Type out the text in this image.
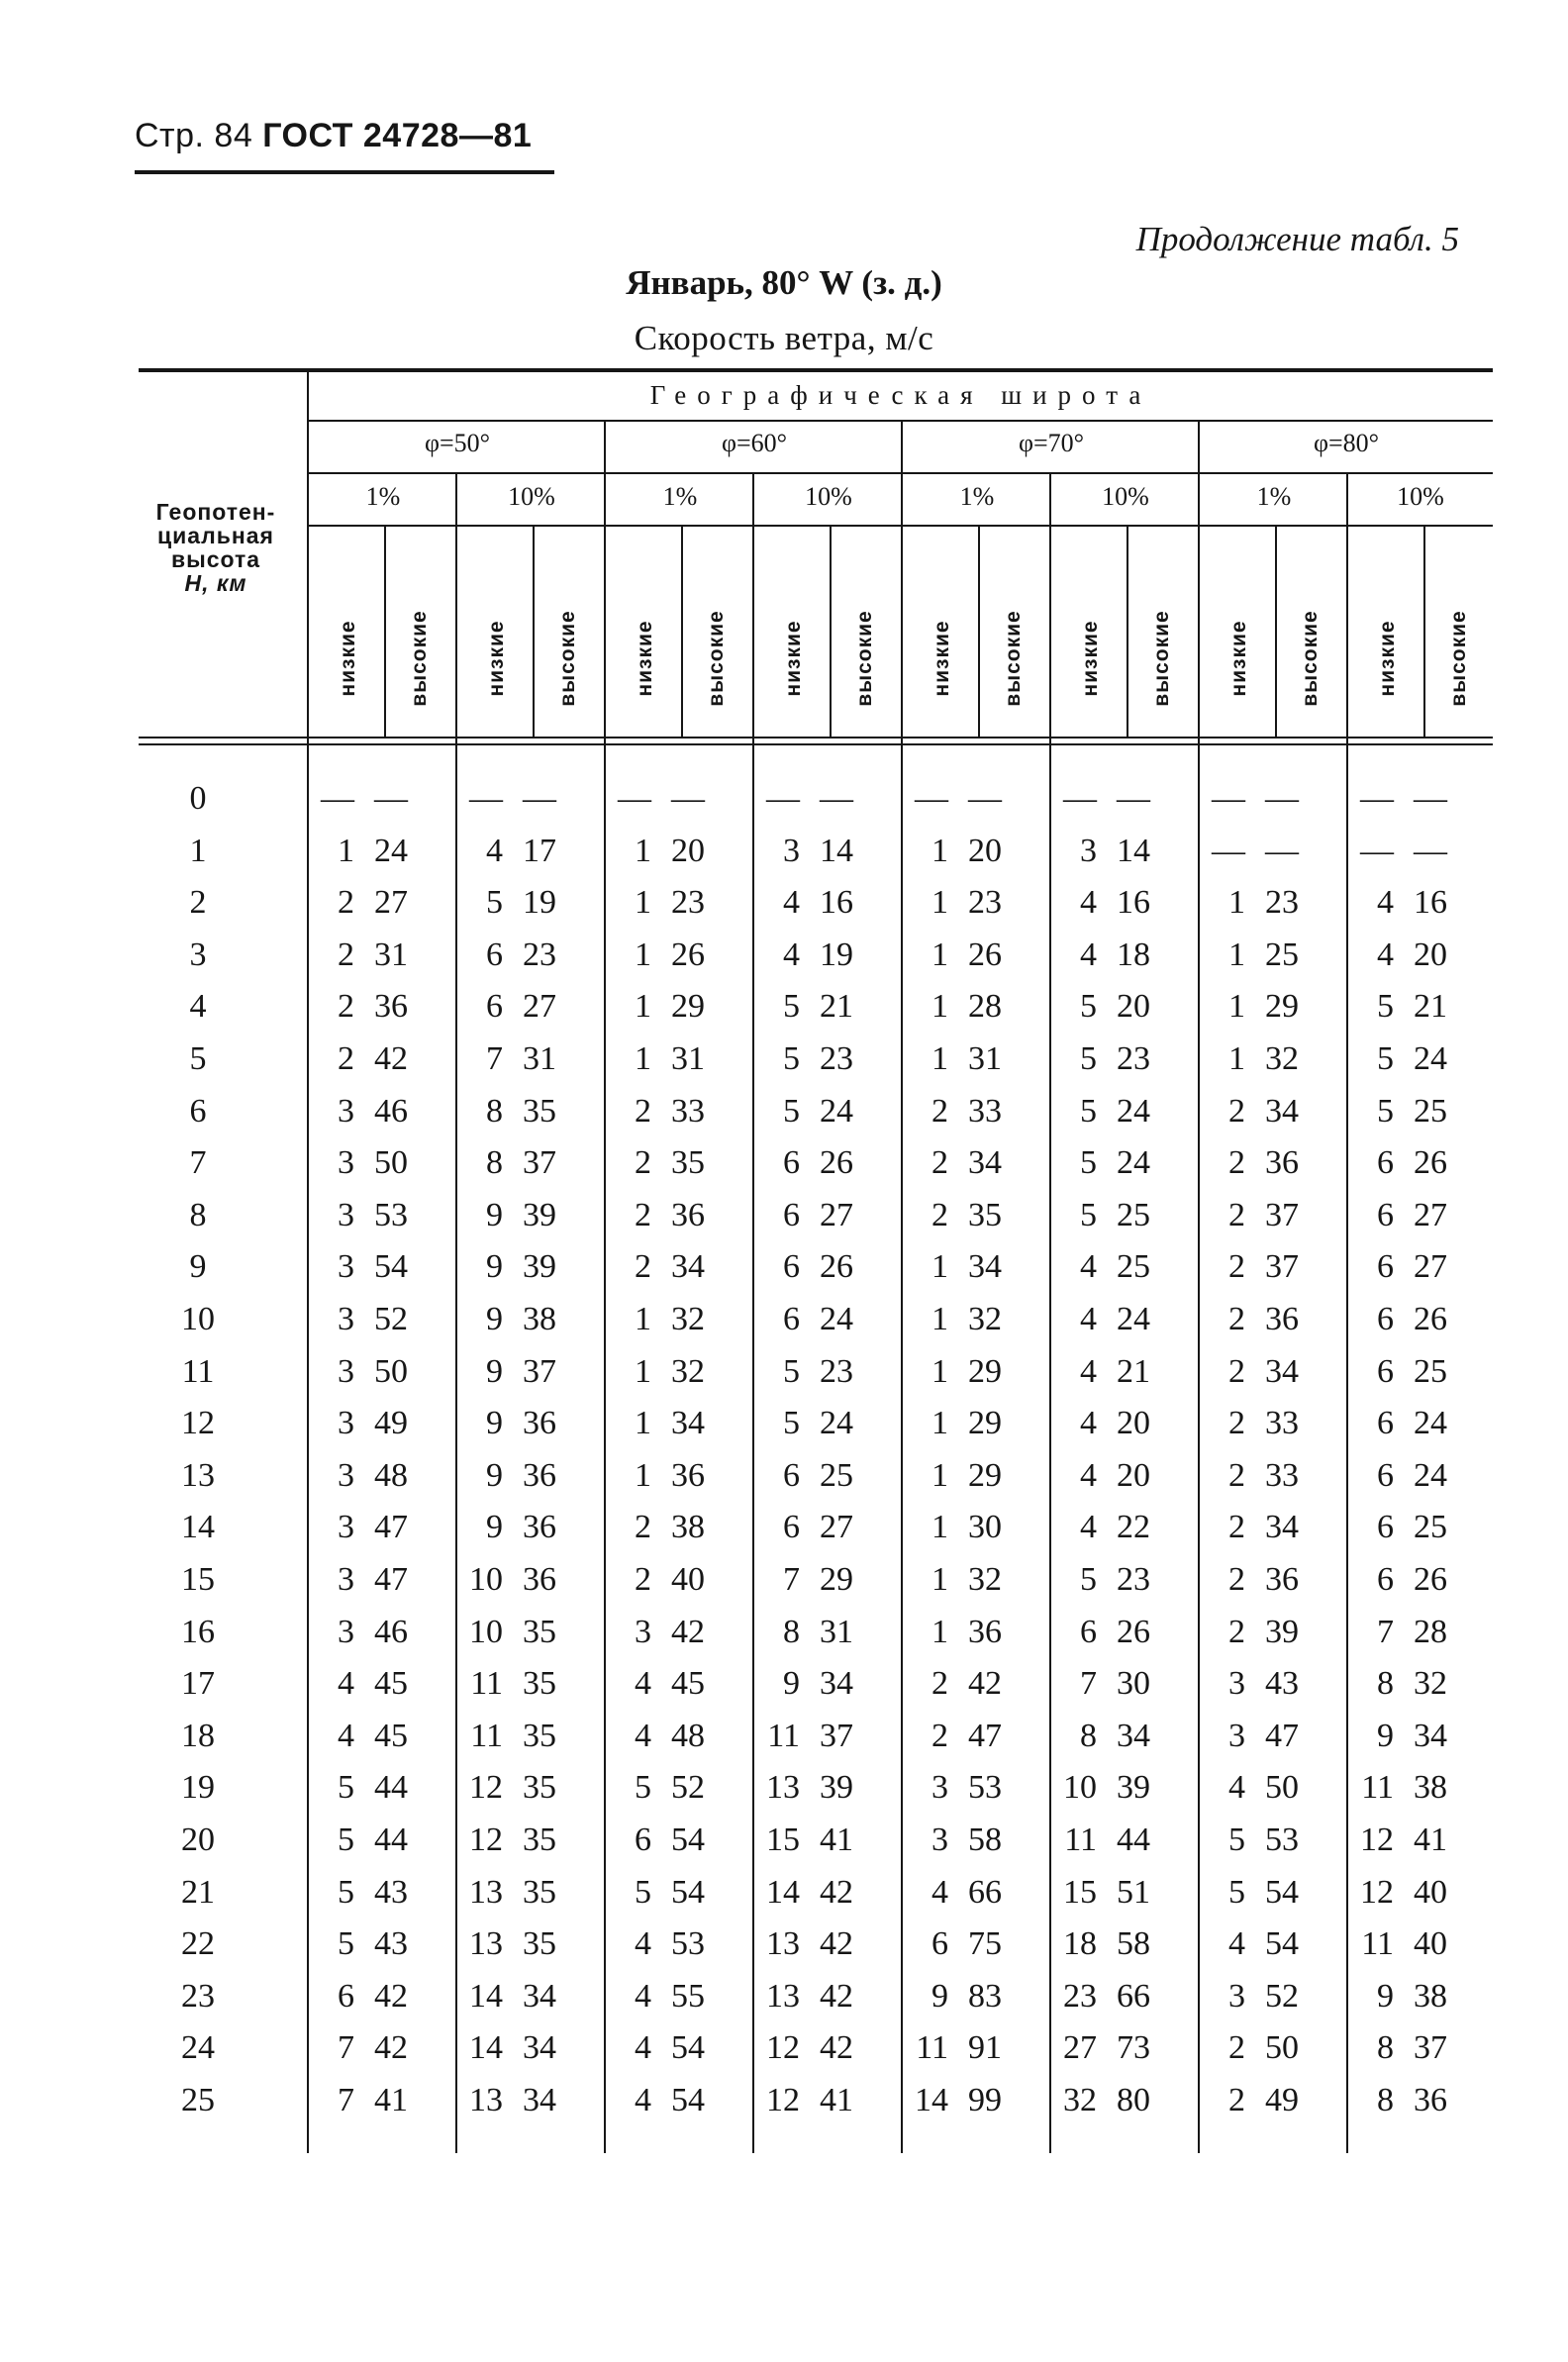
Стр. 84 ГОСТ 24728—81
Продолжение табл. 5
Январь, 80° W (з. д.)
Скорость ветра, м/с
Геопотен-
циальная
высота
H, км
Географическая широта
φ=50°	φ=60°	φ=70°	φ=80°
1%	10%	1%	10%	1%	10%	1%	10%
низкие высокие	низкие высокие	низкие высокие	низкие высокие	низкие высокие	низкие высокие	низкие высокие	низкие высокие
0	— —	— —	— —	— —	— —	— —	— —	— —
1	1 24	4 17	1 20	3 14	1 20	3 14	— —	— —
2	2 27	5 19	1 23	4 16	1 23	4 16	1 23	4 16
3	2 31	6 23	1 26	4 19	1 26	4 18	1 25	4 20
4	2 36	6 27	1 29	5 21	1 28	5 20	1 29	5 21
5	2 42	7 31	1 31	5 23	1 31	5 23	1 32	5 24
6	3 46	8 35	2 33	5 24	2 33	5 24	2 34	5 25
7	3 50	8 37	2 35	6 26	2 34	5 24	2 36	6 26
8	3 53	9 39	2 36	6 27	2 35	5 25	2 37	6 27
9	3 54	9 39	2 34	6 26	1 34	4 25	2 37	6 27
10	3 52	9 38	1 32	6 24	1 32	4 24	2 36	6 26
11	3 50	9 37	1 32	5 23	1 29	4 21	2 34	6 25
12	3 49	9 36	1 34	5 24	1 29	4 20	2 33	6 24
13	3 48	9 36	1 36	6 25	1 29	4 20	2 33	6 24
14	3 47	9 36	2 38	6 27	1 30	4 22	2 34	6 25
15	3 47	10 36	2 40	7 29	1 32	5 23	2 36	6 26
16	3 46	10 35	3 42	8 31	1 36	6 26	2 39	7 28
17	4 45	11 35	4 45	9 34	2 42	7 30	3 43	8 32
18	4 45	11 35	4 48	11 37	2 47	8 34	3 47	9 34
19	5 44	12 35	5 52	13 39	3 53	10 39	4 50	11 38
20	5 44	12 35	6 54	15 41	3 58	11 44	5 53	12 41
21	5 43	13 35	5 54	14 42	4 66	15 51	5 54	12 40
22	5 43	13 35	4 53	13 42	6 75	18 58	4 54	11 40
23	6 42	14 34	4 55	13 42	9 83	23 66	3 52	9 38
24	7 42	14 34	4 54	12 42	11 91	27 73	2 50	8 37
25	7 41	13 34	4 54	12 41	14 99	32 80	2 49	8 36
